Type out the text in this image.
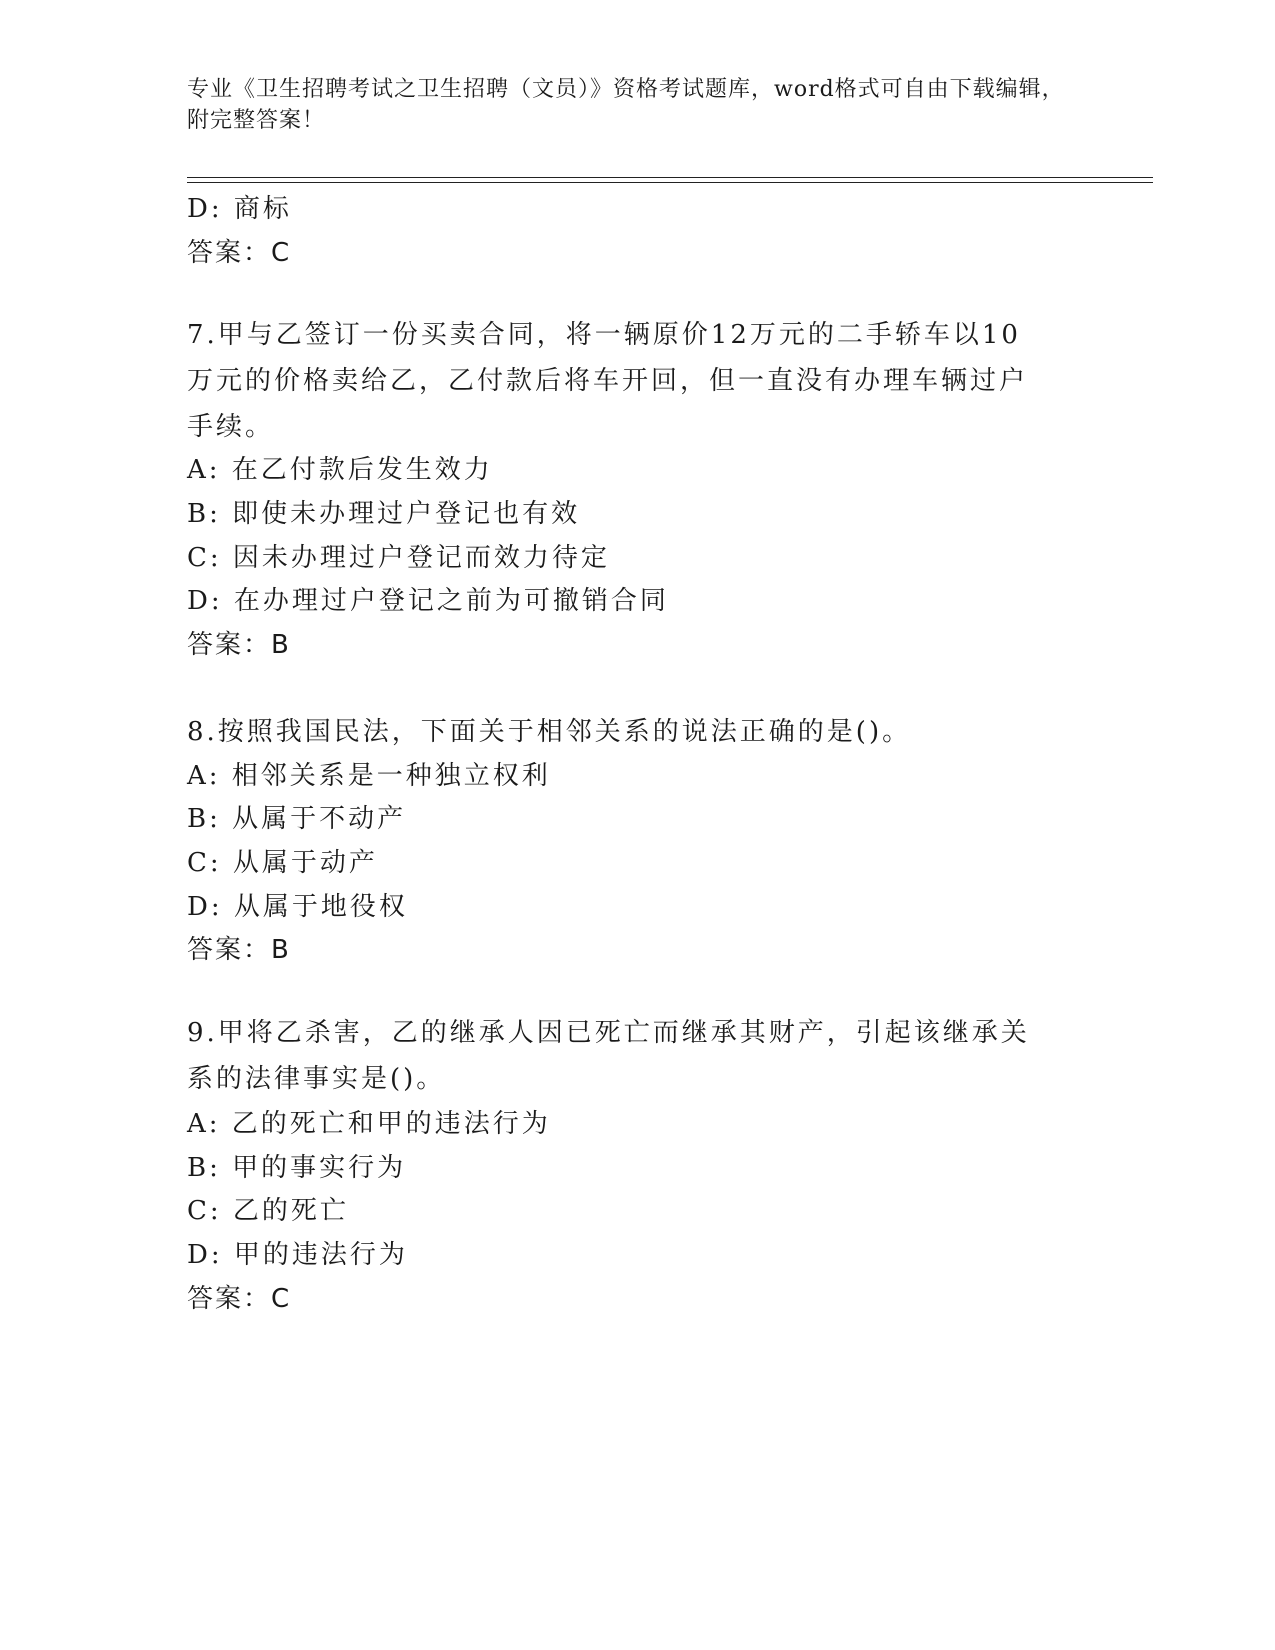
专业《卫生招聘考试之卫生招聘（文员）》资格考试题库，word格式可自由下载编辑，附完整答案！
D: 商标
答案：C
7.甲与乙签订一份买卖合同，将一辆原价12万元的二手轿车以10万元的价格卖给乙，乙付款后将车开回，但一直没有办理车辆过户手续。
A: 在乙付款后发生效力
B: 即使未办理过户登记也有效
C: 因未办理过户登记而效力待定
D: 在办理过户登记之前为可撤销合同
答案：B
8.按照我国民法，下面关于相邻关系的说法正确的是()。
A: 相邻关系是一种独立权利
B: 从属于不动产
C: 从属于动产
D: 从属于地役权
答案：B
9.甲将乙杀害，乙的继承人因已死亡而继承其财产，引起该继承关系的法律事实是()。
A: 乙的死亡和甲的违法行为
B: 甲的事实行为
C: 乙的死亡
D: 甲的违法行为
答案：C
